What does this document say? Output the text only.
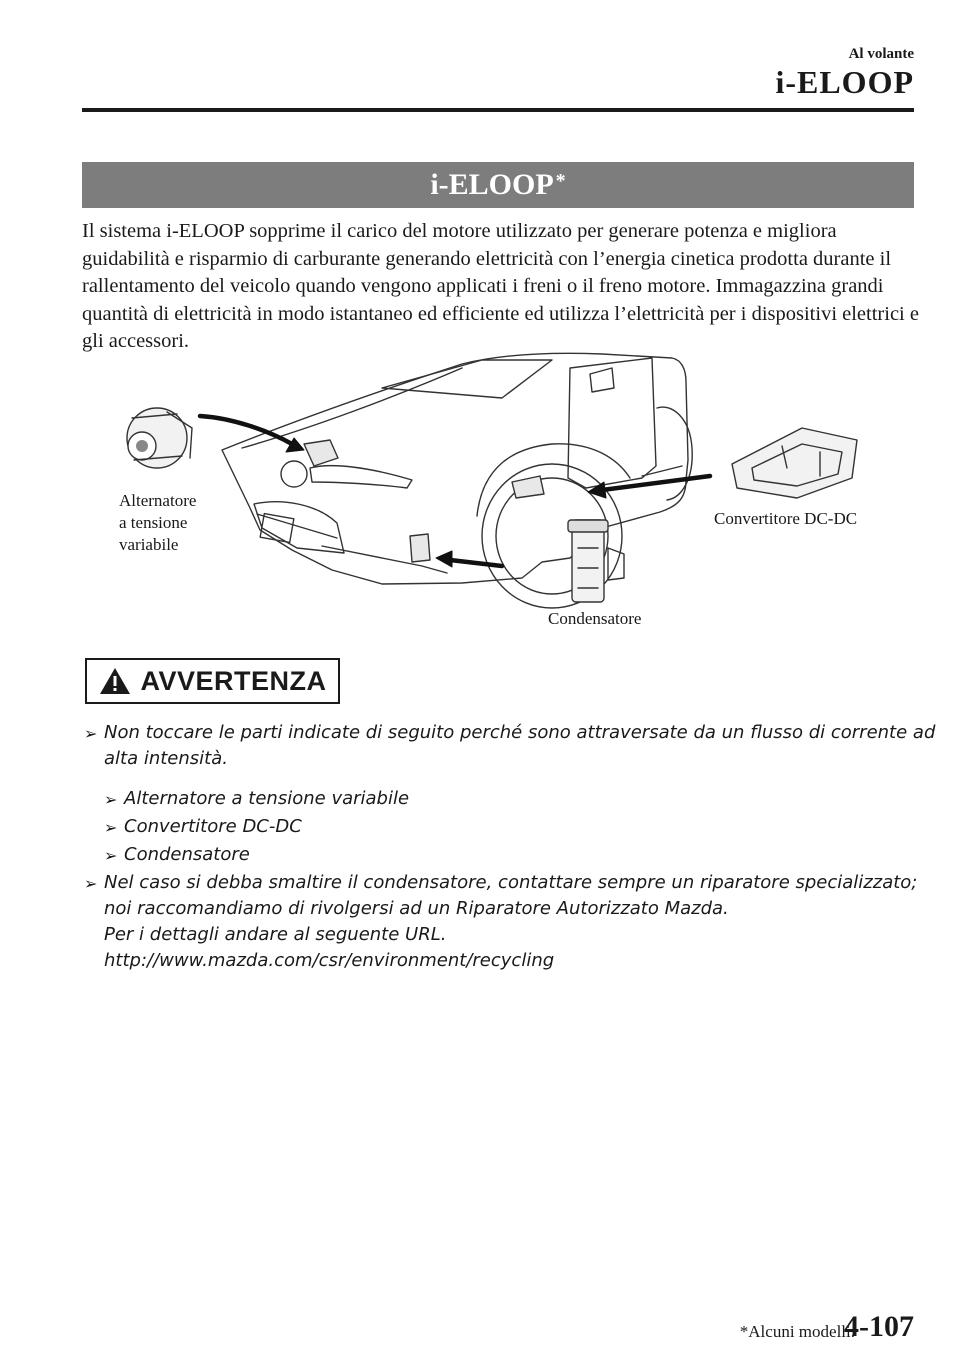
Al volante
i-ELOOP
i-ELOOP*

Il sistema i-ELOOP sopprime il carico del motore utilizzato per generare potenza e migliora guidabilità e risparmio di carburante generando elettricità con l’energia cinetica prodotta durante il rallentamento del veicolo quando vengono applicati i freni o il freno motore. Immagazzina grandi quantità di elettricità in modo istantaneo ed efficiente ed utilizza l’elettricità per i dispositivi elettrici e gli accessori.

Alternatore
a tensione
variabile
Convertitore DC-DC
Condensatore
AVVERTENZA
➢ Non toccare le parti indicate di seguito perché sono attraversate da un flusso di corrente ad
alta intensità.
➢ Alternatore a tensione variabile
➢ Convertitore DC-DC
➢ Condensatore
➢ Nel caso si debba smaltire il condensatore, contattare sempre un riparatore specializzato;
noi raccomandiamo di rivolgersi ad un Riparatore Autorizzato Mazda.
Per i dettagli andare al seguente URL.
http://www.mazda.com/csr/environment/recycling
*Alcuni modelli.
4-107
